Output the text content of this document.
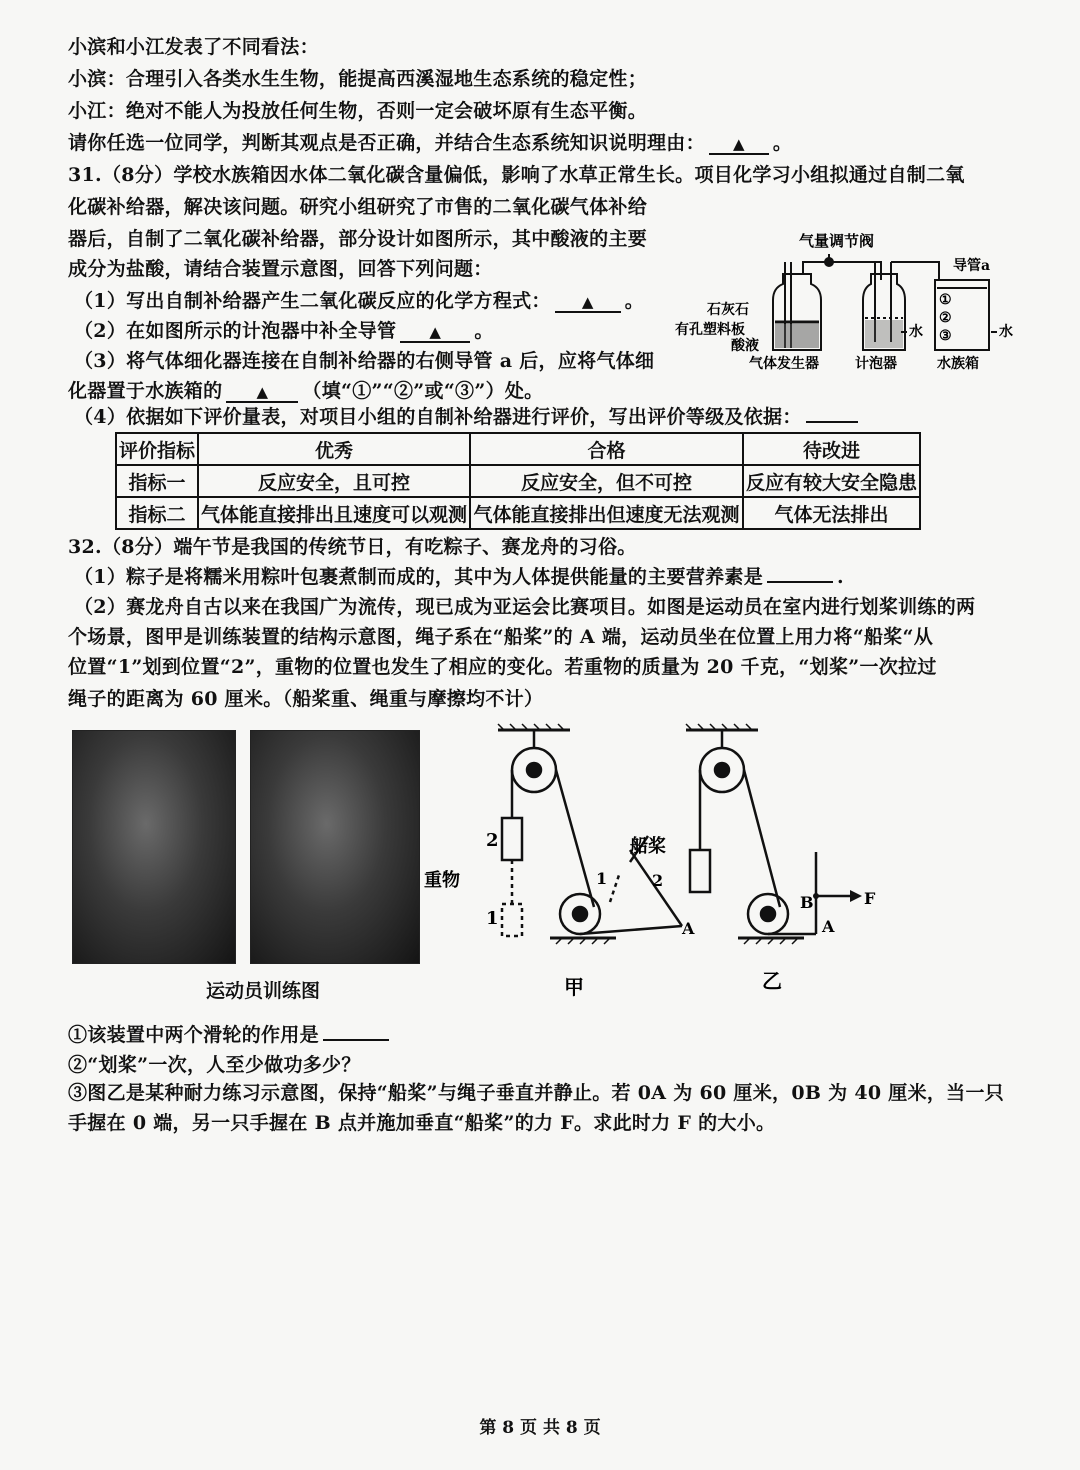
小滨和小江发表了不同看法：
小滨：合理引入各类水生生物，能提高西溪湿地生态系统的稳定性；
小江：绝对不能人为投放任何生物，否则一定会破坏原有生态平衡。
请你任选一位同学，判断其观点是否正确，并结合生态系统知识说明理由： ▲ 。
31.（8分）学校水族箱因水体二氧化碳含量偏低，影响了水草正常生长。项目化学习小组拟通过自制二氧
化碳补给器，解决该问题。研究小组研究了市售的二氧化碳气体补给
器后，自制了二氧化碳补给器，部分设计如图所示，其中酸液的主要
成分为盐酸，请结合装置示意图，回答下列问题：
（1）写出自制补给器产生二氧化碳反应的化学方程式： ▲ 。
（2）在如图所示的计泡器中补全导管 ▲ 。
（3）将气体细化器连接在自制补给器的右侧导管 a 后，应将气体细
化器置于水族箱的 ▲ （填“①”“②”或“③”）处。
（4）依据如下评价量表，对项目小组的自制补给器进行评价，写出评价等级及依据：
气量调节阀
导管a
石灰石
有孔塑料板
酸液
气体发生器	计泡器	水族箱
水	水
①
②
③
评价指标	优秀	合格	待改进
指标一	反应安全，且可控	反应安全，但不可控	反应有较大安全隐患
指标二	气体能直接排出且速度可以观测	气体能直接排出但速度无法观测	气体无法排出
32.（8分）端午节是我国的传统节日，有吃粽子、赛龙舟的习俗。
（1）粽子是将糯米用粽叶包裹煮制而成的，其中为人体提供能量的主要营养素是	.
（2）赛龙舟自古以来在我国广为流传，现已成为亚运会比赛项目。如图是运动员在室内进行划桨训练的两
个场景，图甲是训练装置的结构示意图，绳子系在“船桨”的 A 端，运动员坐在位置上用力将“船桨“从
位置“1”划到位置“2”，重物的位置也发生了相应的变化。若重物的质量为 20 千克，“划桨”一次拉过
绳子的距离为 60 厘米。（船桨重、绳重与摩擦均不计）
运动员训练图
2
1
重物
船桨
1	2
A	A
B	F
甲	乙
①该装置中两个滑轮的作用是
②“划桨”一次，人至少做功多少？
③图乙是某种耐力练习示意图，保持“船桨”与绳子垂直并静止。若 0A 为 60 厘米，0B 为 40 厘米，当一只
手握在 0 端，另一只手握在 B 点并施加垂直“船桨”的力 F。求此时力 F 的大小。
第 8 页 共 8 页
